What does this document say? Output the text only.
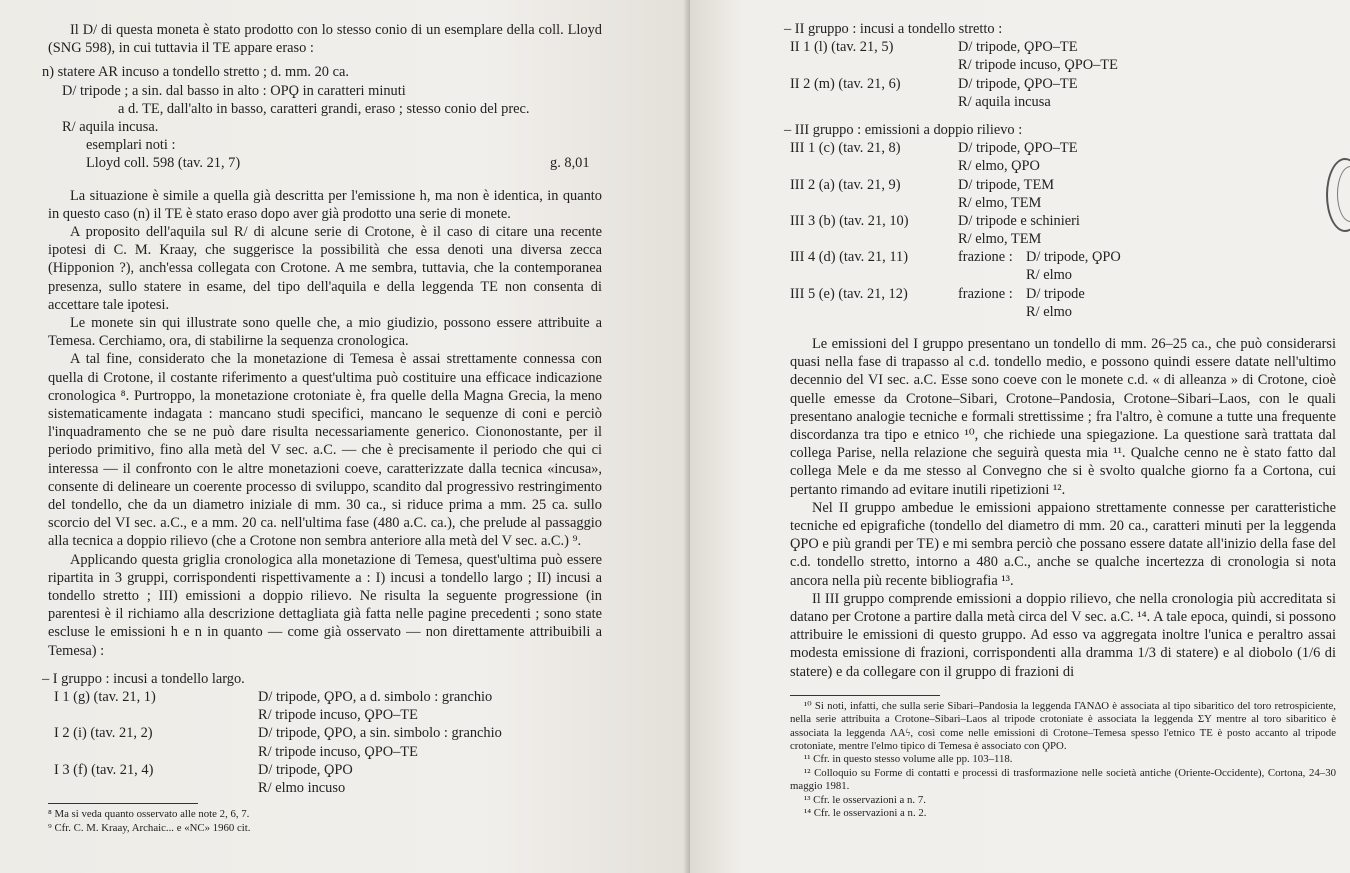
Il D/ di questa moneta è stato prodotto con lo stesso conio di un esemplare della coll. Lloyd (SNG 598), in cui tuttavia il TE appare eraso :

n) statere AR incuso a tondello stretto ; d. mm. 20 ca.
D/ tripode ; a sin. dal basso in alto : OPϘ in caratteri minuti
a d. TE, dall'alto in basso, caratteri grandi, eraso ; stesso conio del prec.
R/ aquila incusa.
esemplari noti :
Lloyd coll. 598 (tav. 21, 7)	g. 8,01

La situazione è simile a quella già descritta per l'emissione h, ma non è identica, in quanto in questo caso (n) il TE è stato eraso dopo aver già prodotto una serie di monete.

A proposito dell'aquila sul R/ di alcune serie di Crotone, è il caso di citare una recente ipotesi di C. M. Kraay, che suggerisce la possibilità che essa denoti una diversa zecca (Hipponion ?), anch'essa collegata con Crotone. A me sembra, tuttavia, che la contemporanea presenza, sullo statere in esame, del tipo dell'aquila e della leggenda TE non consenta di accettare tale ipotesi.

Le monete sin qui illustrate sono quelle che, a mio giudizio, possono essere attribuite a Temesa. Cerchiamo, ora, di stabilirne la sequenza cronologica.

A tal fine, considerato che la monetazione di Temesa è assai strettamente connessa con quella di Crotone, il costante riferimento a quest'ultima può costituire una efficace indicazione cronologica ⁸. Purtroppo, la monetazione crotoniate è, fra quelle della Magna Grecia, la meno sistematicamente indagata : mancano studi specifici, mancano le sequenze di coni e perciò l'inquadramento che se ne può dare risulta necessariamente generico. Ciononostante, per il periodo primitivo, fino alla metà del V sec. a.C. — che è precisamente il periodo che qui ci interessa — il confronto con le altre monetazioni coeve, caratterizzate dalla tecnica «incusa», consente di delineare un coerente processo di sviluppo, scandito dal progressivo restringimento del tondello, che da un diametro iniziale di mm. 30 ca., si riduce prima a mm. 25 ca. sullo scorcio del VI sec. a.C., e a mm. 20 ca. nell'ultima fase (480 a.C. ca.), che prelude al passaggio alla tecnica a doppio rilievo (che a Crotone non sembra anteriore alla metà del V sec. a.C.) ⁹.

Applicando questa griglia cronologica alla monetazione di Temesa, quest'ultima può essere ripartita in 3 gruppi, corrispondenti rispettivamente a : I) incusi a tondello largo ; II) incusi a tondello stretto ; III) emissioni a doppio rilievo. Ne risulta la seguente progressione (in parentesi è il richiamo alla descrizione dettagliata già fatta nelle pagine precedenti ; sono state escluse le emissioni h e n in quanto — come già osservato — non direttamente attribuibili a Temesa) :

– I gruppo : incusi a tondello largo.
I 1 (g) (tav. 21, 1)	D/ tripode, ϘPO, a d. simbolo : granchio
R/ tripode incuso, ϘPO–TE
I 2 (i) (tav. 21, 2)	D/ tripode, ϘPO, a sin. simbolo : granchio
R/ tripode incuso, ϘPO–TE
I 3 (f) (tav. 21, 4)	D/ tripode, ϘPO
R/ elmo incuso

⁸ Ma si veda quanto osservato alle note 2, 6, 7.

⁹ Cfr. C. M. Kraay, Archaic... e «NC» 1960 cit.

– II gruppo : incusi a tondello stretto :
II 1 (l) (tav. 21, 5)	D/ tripode, ϘPO–TE
R/ tripode incuso, ϘPO–TE
II 2 (m) (tav. 21, 6)	D/ tripode, ϘPO–TE
R/ aquila incusa
– III gruppo : emissioni a doppio rilievo :
III 1 (c) (tav. 21, 8)	D/ tripode, ϘPO–TE
R/ elmo, ϘPO
III 2 (a) (tav. 21, 9)	D/ tripode, TEM
R/ elmo, TEM
III 3 (b) (tav. 21, 10)	D/ tripode e schinieri
R/ elmo, TEM
III 4 (d) (tav. 21, 11)	frazione : D/ tripode, ϘPO
R/ elmo
III 5 (e) (tav. 21, 12)	frazione : D/ tripode
R/ elmo

Le emissioni del I gruppo presentano un tondello di mm. 26–25 ca., che può considerarsi quasi nella fase di trapasso al c.d. tondello medio, e possono quindi essere datate nell'ultimo decennio del VI sec. a.C. Esse sono coeve con le monete c.d. « di alleanza » di Crotone, cioè quelle emesse da Crotone–Sibari, Crotone–Pandosia, Crotone–Sibari–Laos, con le quali presentano analogie tecniche e formali strettissime ; fra l'altro, è comune a tutte una frequente discordanza tra tipo e etnico ¹⁰, che richiede una spiegazione. La questione sarà trattata dal collega Parise, nella relazione che seguirà questa mia ¹¹. Qualche cenno ne è stato fatto dal collega Mele e da me stesso al Convegno che si è svolto qualche giorno fa a Cortona, cui pertanto rimando ad evitare inutili ripetizioni ¹².

Nel II gruppo ambedue le emissioni appaiono strettamente connesse per caratteristiche tecniche ed epigrafiche (tondello del diametro di mm. 20 ca., caratteri minuti per la leggenda ϘPO e più grandi per TE) e mi sembra perciò che possano essere datate all'inizio della fase del c.d. tondello stretto, intorno a 480 a.C., anche se qualche incertezza di cronologia si nota ancora nella più recente bibliografia ¹³.

Il III gruppo comprende emissioni a doppio rilievo, che nella cronologia più accreditata si datano per Crotone a partire dalla metà circa del V sec. a.C. ¹⁴. A tale epoca, quindi, si possono attribuire le emissioni di questo gruppo. Ad esso va aggregata inoltre l'unica e peraltro assai modesta emissione di frazioni, corrispondenti alla dramma 1/3 di statere) e al diobolo (1/6 di statere) e da collegare con il gruppo di frazioni di

¹⁰ Si noti, infatti, che sulla serie Sibari–Pandosia la leggenda ΓΑΝΔΟ è associata al tipo sibaritico del toro retrospiciente, nella serie attribuita a Crotone–Sibari–Laos al tripode crotoniate è associata la leggenda ΣΥ mentre al toro sibaritico è associata la leggenda ΛΑϟ, così come nelle emissioni di Crotone–Temesa spesso l'etnico TE è posto accanto al tripode crotoniate, mentre l'elmo tipico di Temesa è associato con ϘPO.

¹¹ Cfr. in questo stesso volume alle pp. 103–118.

¹² Colloquio su Forme di contatti e processi di trasformazione nelle società antiche (Oriente-Occidente), Cortona, 24–30 maggio 1981.

¹³ Cfr. le osservazioni a n. 7.

¹⁴ Cfr. le osservazioni a n. 2.
